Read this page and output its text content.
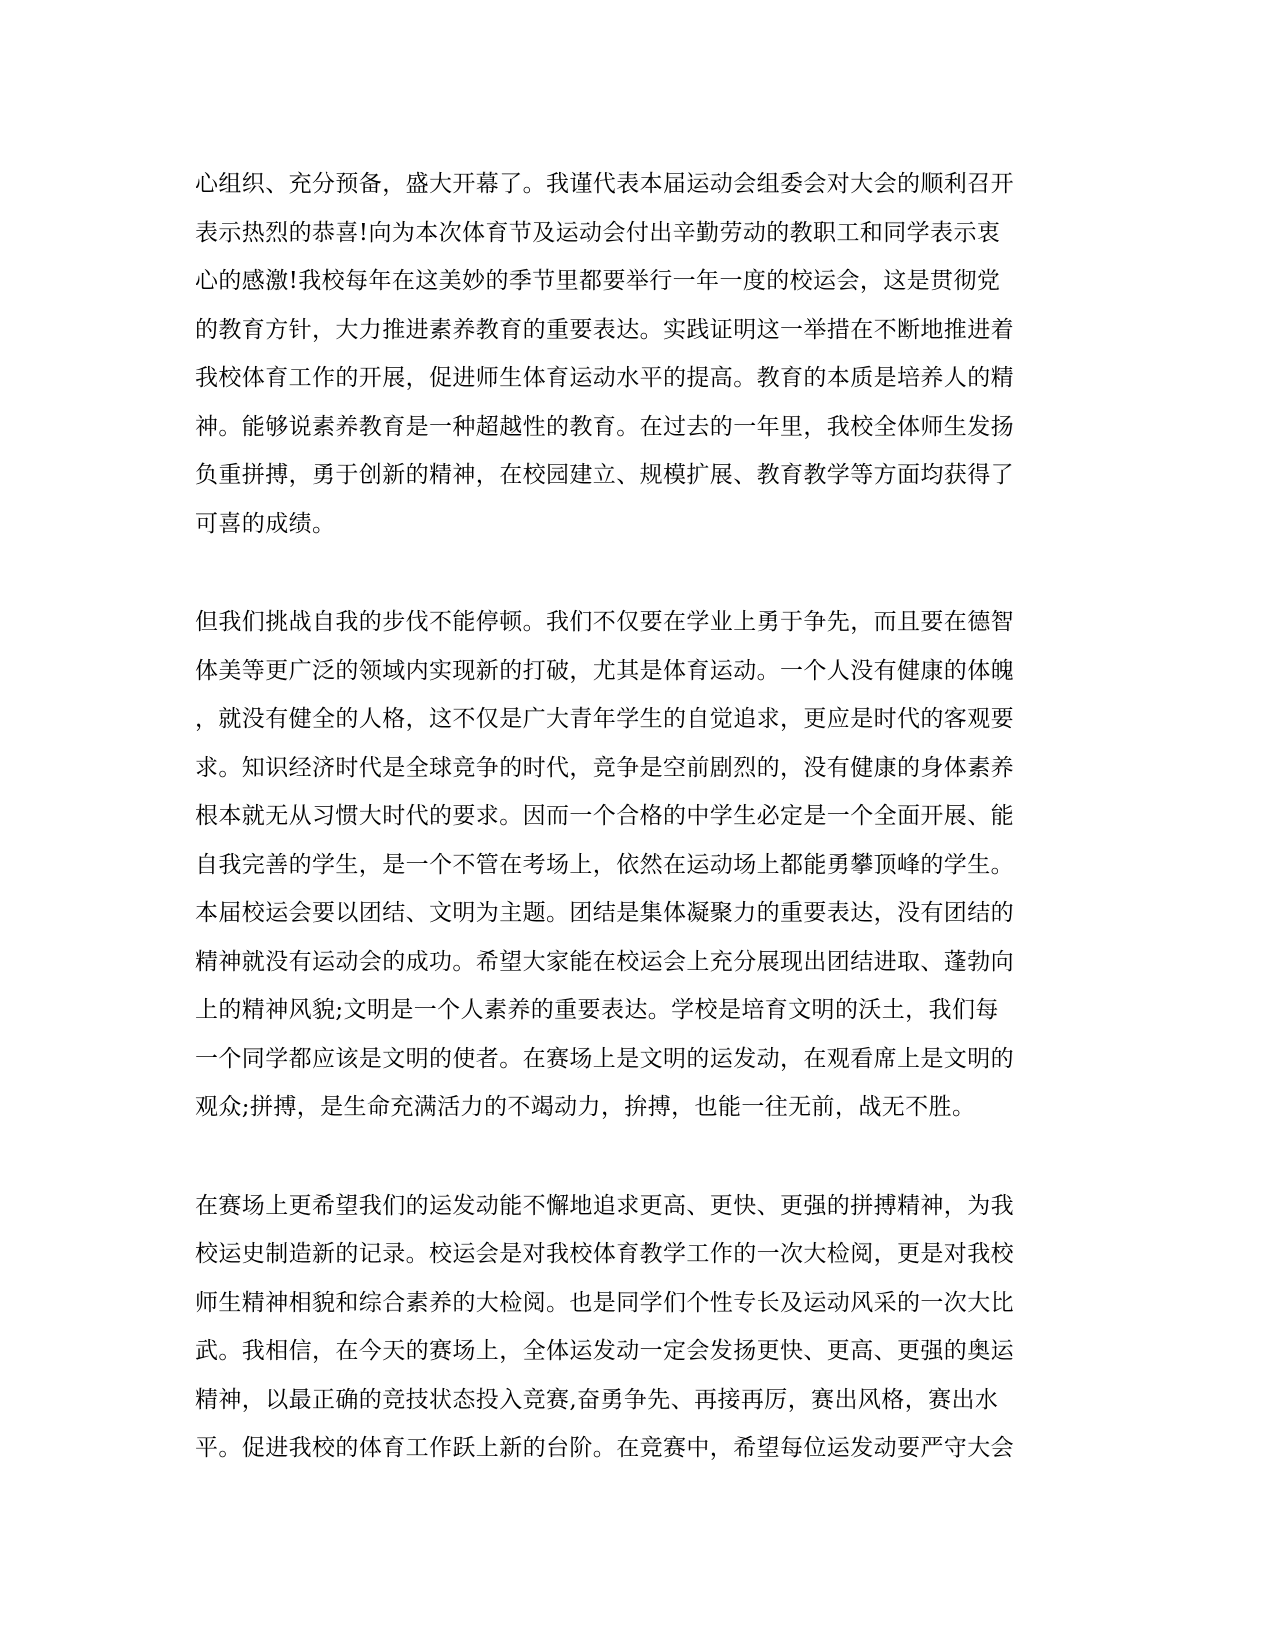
心组织、充分预备，盛大开幕了。我谨代表本届运动会组委会对大会的顺利召开
表示热烈的恭喜!向为本次体育节及运动会付出辛勤劳动的教职工和同学表示衷
心的感激!我校每年在这美妙的季节里都要举行一年一度的校运会，这是贯彻党
的教育方针，大力推进素养教育的重要表达。实践证明这一举措在不断地推进着
我校体育工作的开展，促进师生体育运动水平的提高。教育的本质是培养人的精
神。能够说素养教育是一种超越性的教育。在过去的一年里，我校全体师生发扬
负重拼搏，勇于创新的精神，在校园建立、规模扩展、教育教学等方面均获得了
可喜的成绩。
但我们挑战自我的步伐不能停顿。我们不仅要在学业上勇于争先，而且要在德智
体美等更广泛的领域内实现新的打破，尤其是体育运动。一个人没有健康的体魄
，就没有健全的人格，这不仅是广大青年学生的自觉追求，更应是时代的客观要
求。知识经济时代是全球竞争的时代，竞争是空前剧烈的，没有健康的身体素养
根本就无从习惯大时代的要求。因而一个合格的中学生必定是一个全面开展、能
自我完善的学生，是一个不管在考场上，依然在运动场上都能勇攀顶峰的学生。
本届校运会要以团结、文明为主题。团结是集体凝聚力的重要表达，没有团结的
精神就没有运动会的成功。希望大家能在校运会上充分展现出团结进取、蓬勃向
上的精神风貌;文明是一个人素养的重要表达。学校是培育文明的沃土，我们每
一个同学都应该是文明的使者。在赛场上是文明的运发动，在观看席上是文明的
观众;拼搏，是生命充满活力的不竭动力，拚搏，也能一往无前，战无不胜。
在赛场上更希望我们的运发动能不懈地追求更高、更快、更强的拼搏精神，为我
校运史制造新的记录。校运会是对我校体育教学工作的一次大检阅，更是对我校
师生精神相貌和综合素养的大检阅。也是同学们个性专长及运动风采的一次大比
武。我相信，在今天的赛场上，全体运发动一定会发扬更快、更高、更强的奥运
精神，以最正确的竞技状态投入竞赛,奋勇争先、再接再厉，赛出风格，赛出水
平。促进我校的体育工作跃上新的台阶。在竞赛中，希望每位运发动要严守大会
